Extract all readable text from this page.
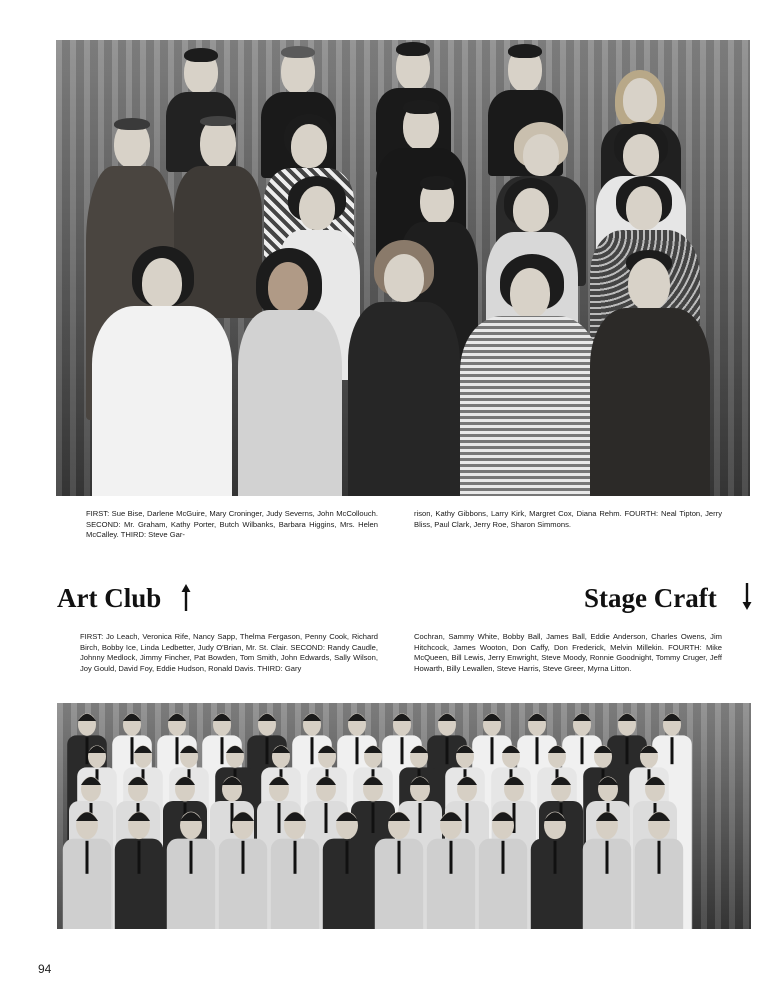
FIRST: Sue Bise, Darlene McGuire, Mary Croninger, Judy Severns, John McCollouch. SECOND: Mr. Graham, Kathy Porter, Butch Wilbanks, Barbara Higgins, Mrs. Helen McCalley. THIRD: Steve Gar-

rison, Kathy Gibbons, Larry Kirk, Margret Cox, Diana Rehm. FOURTH: Neal Tipton, Jerry Bliss, Paul Clark, Jerry Roe, Sharon Simmons.

Art Club	Stage Craft

FIRST: Jo Leach, Veronica Rife, Nancy Sapp, Thelma Fergason, Penny Cook, Richard Birch, Bobby Ice, Linda Ledbetter, Judy O'Brian, Mr. St. Clair. SECOND: Randy Caudle, Johnny Medlock, Jimmy Fincher, Pat Bowden, Tom Smith, John Edwards, Sally Wilson, Joy Gould, David Foy, Eddie Hudson, Ronald Davis. THIRD: Gary

Cochran, Sammy White, Bobby Ball, James Ball, Eddie Anderson, Charles Owens, Jim Hitchcock, James Wooton, Don Caffy, Don Frederick, Melvin Millekin. FOURTH: Mike McQueen, Bill Lewis, Jerry Enwright, Steve Moody, Ronnie Goodnight, Tommy Cruger, Jeff Howarth, Billy Lewallen, Steve Harris, Steve Greer, Myrna Litton.

94
